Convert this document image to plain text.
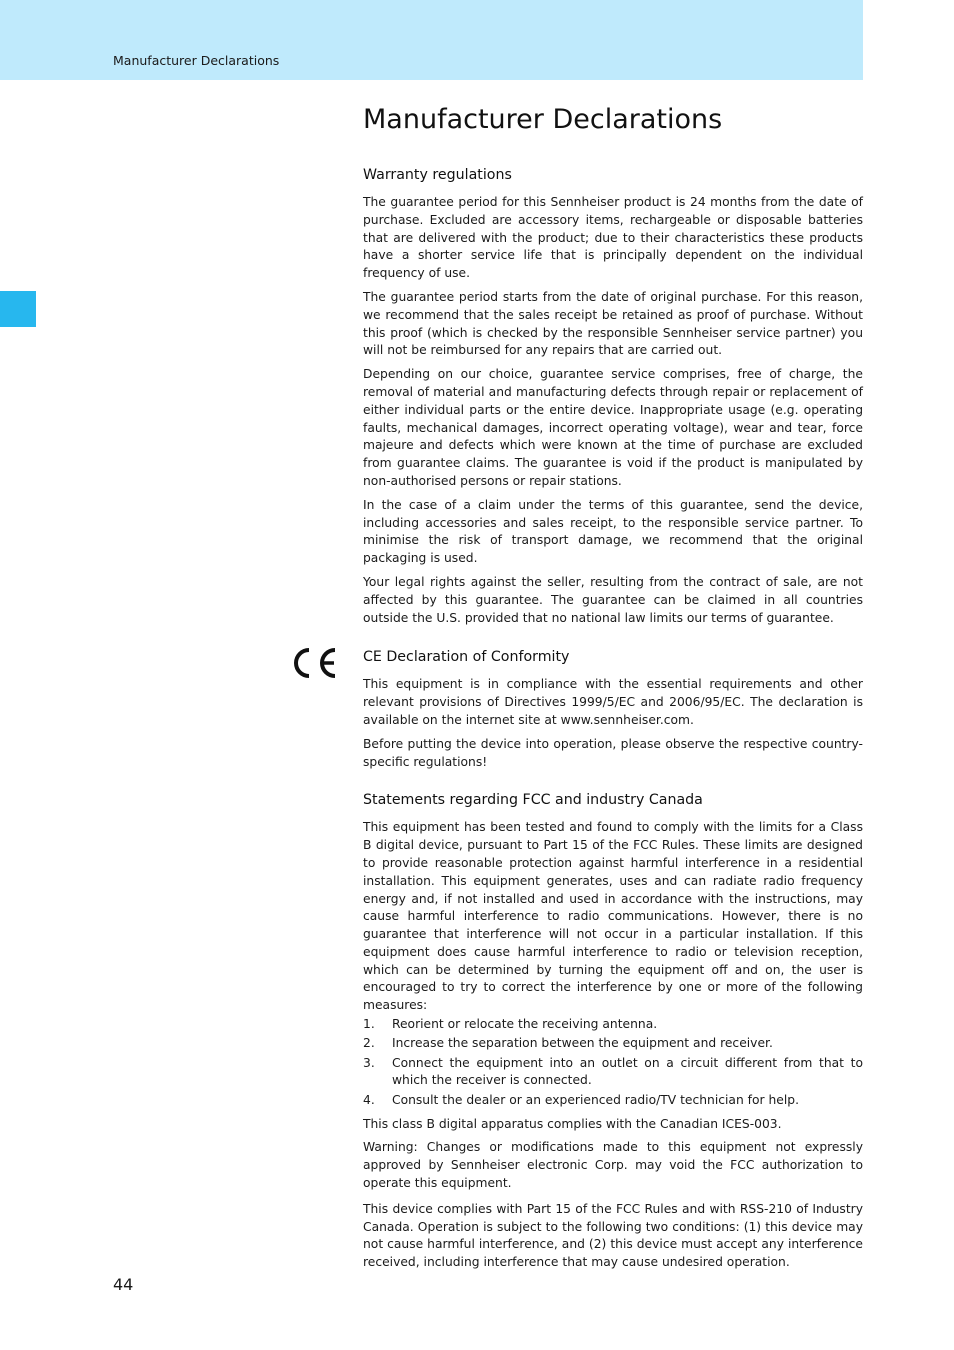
Manufacturer Declarations
Manufacturer Declarations
Warranty regulations

The guarantee period for this Sennheiser product is 24 months from the date of purchase. Excluded are accessory items, rechargeable or disposable batteries that are delivered with the product; due to their characteristics these products have a shorter service life that is principally dependent on the individual frequency of use.

The guarantee period starts from the date of original purchase. For this reason, we recommend that the sales receipt be retained as proof of purchase. Without this proof (which is checked by the responsible Sennheiser service partner) you will not be reimbursed for any repairs that are carried out.

Depending on our choice, guarantee service comprises, free of charge, the removal of material and manufacturing defects through repair or replacement of either individual parts or the entire device. Inappropriate usage (e.g. operating faults, mechanical damages, incorrect operating voltage), wear and tear, force majeure and defects which were known at the time of purchase are excluded from guarantee claims. The guarantee is void if the product is manipulated by non-authorised persons or repair stations.

In the case of a claim under the terms of this guarantee, send the device, including accessories and sales receipt, to the responsible service partner. To minimise the risk of transport damage, we recommend that the original packaging is used.

Your legal rights against the seller, resulting from the contract of sale, are not affected by this guarantee. The guarantee can be claimed in all countries outside the U.S. provided that no national law limits our terms of guarantee.

CE Declaration of Conformity

This equipment is in compliance with the essential requirements and other relevant provisions of Directives 1999/5/EC and 2006/95/EC. The declaration is available on the internet site at www.sennheiser.com.

Before putting the device into operation, please observe the respective country-specific regulations!

Statements regarding FCC and industry Canada

This equipment has been tested and found to comply with the limits for a Class B digital device, pursuant to Part 15 of the FCC Rules. These limits are designed to provide reasonable protection against harmful interference in a residential installation. This equipment generates, uses and can radiate radio frequency energy and, if not installed and used in accordance with the instructions, may cause harmful interference to radio communications. However, there is no guarantee that interference will not occur in a particular installation. If this equipment does cause harmful interference to radio or television reception, which can be determined by turning the equipment off and on, the user is encouraged to try to correct the interference by one or more of the following measures:

1.	Reorient or relocate the receiving antenna.
2.	Increase the separation between the equipment and receiver.
3.	Connect the equipment into an outlet on a circuit different from that to which the receiver is connected.
4.	Consult the dealer or an experienced radio/TV technician for help.

This class B digital apparatus complies with the Canadian ICES-003.

Warning: Changes or modifications made to this equipment not expressly approved by Sennheiser electronic Corp. may void the FCC authorization to operate this equipment.

This device complies with Part 15 of the FCC Rules and with RSS-210 of Industry Canada. Operation is subject to the following two conditions: (1) this device may not cause harmful interference, and (2) this device must accept any interference received, including interference that may cause undesired operation.

44
